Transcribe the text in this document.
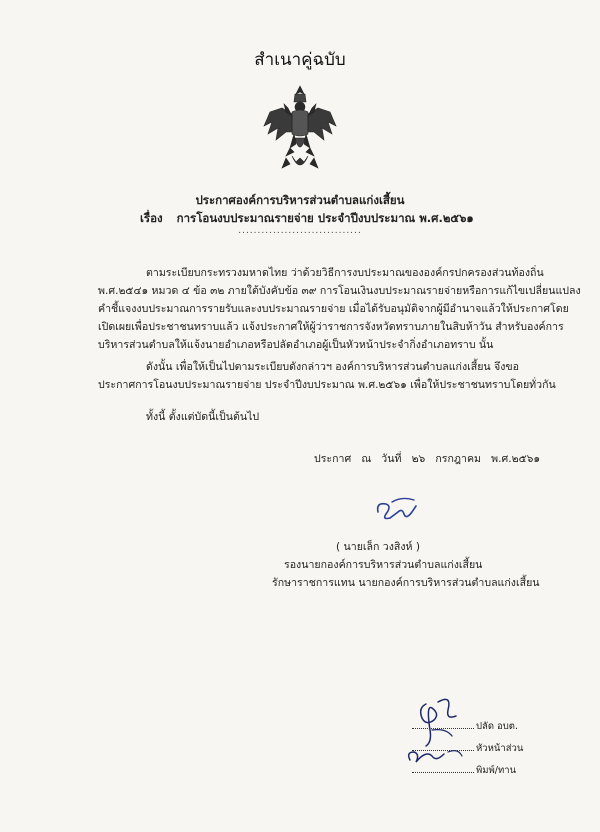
สำเนาคู่ฉบับ
ประกาศองค์การบริหารส่วนตำบลแก่งเสี้ยน
เรื่อง การโอนงบประมาณรายจ่าย ประจำปีงบประมาณ พ.ศ.๒๕๖๑
................................
ตามระเบียบกระทรวงมหาดไทย ว่าด้วยวิธีการงบประมาณขององค์กรปกครองส่วนท้องถิ่น
พ.ศ.๒๕๔๑ หมวด ๔ ข้อ ๓๒ ภายใต้บังคับข้อ ๓๙ การโอนเงินงบประมาณรายจ่ายหรือการแก้ไขเปลี่ยนแปลง
คำชี้แจงงบประมาณการรายรับและงบประมาณรายจ่าย เมื่อได้รับอนุมัติจากผู้มีอำนาจแล้วให้ประกาศโดย
เปิดเผยเพื่อประชาชนทราบแล้ว แจ้งประกาศให้ผู้ว่าราชการจังหวัดทราบภายในสิบห้าวัน สำหรับองค์การ
บริหารส่วนตำบลให้แจ้งนายอำเภอหรือปลัดอำเภอผู้เป็นหัวหน้าประจำกิ่งอำเภอทราบ นั้น
ดังนั้น เพื่อให้เป็นไปตามระเบียบดังกล่าวฯ องค์การบริหารส่วนตำบลแก่งเสี้ยน จึงขอ
ประกาศการโอนงบประมาณรายจ่าย ประจำปีงบประมาณ พ.ศ.๒๕๖๑ เพื่อให้ประชาชนทราบโดยทั่วกัน
ทั้งนี้ ตั้งแต่บัดนี้เป็นต้นไป
ประกาศ ณ วันที่ ๒๖ กรกฎาคม พ.ศ.๒๕๖๑
( นายเล็ก วงสิงห์ )
รองนายกองค์การบริหารส่วนตำบลแก่งเสี้ยน
รักษาราชการแทน นายกองค์การบริหารส่วนตำบลแก่งเสี้ยน
ปลัด อบต.
หัวหน้าส่วน
พิมพ์/ทาน
